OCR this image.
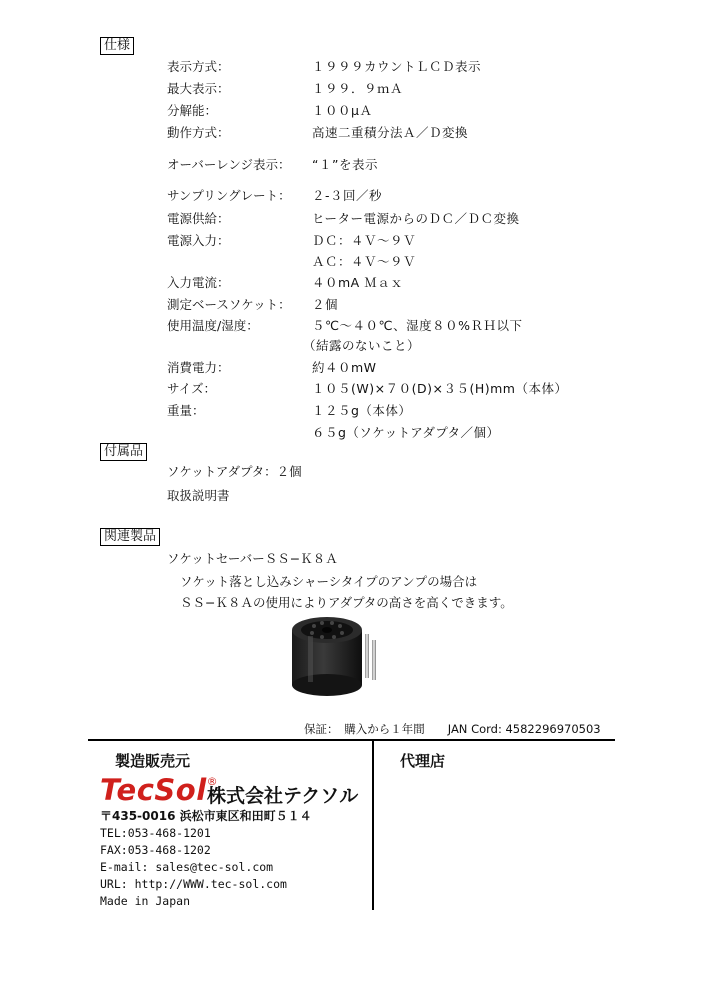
仕様
表示方式：	１９９９カウントＬＣＤ表示
最大表示：	１９９．９ｍＡ
分解能：	１００μＡ
動作方式：	高速二重積分法Ａ／Ｄ変換
オーバーレンジ表示： “１”を表示
サンプリングレート： ２-３回／秒
電源供給：	ヒーター電源からのＤＣ／ＤＣ変換
電源入力：	ＤＣ：４Ｖ～９Ｖ
ＡＣ：４Ｖ～９Ｖ
入力電流：	４０mA Ｍａｘ
測定ベースソケット： ２個
使用温度/湿度：	５℃～４０℃、湿度８０%ＲＨ以下
（結露のないこと）
消費電力：	約４０mW
サイズ：	１０５(W)×７０(D)×３５(H)mm（本体）
重量：	１２５g（本体）
６５g（ソケットアダプタ／個）
付属品
ソケットアダプタ：２個
取扱説明書
関連製品
ソケットセーバーＳＳ−Ｋ８Ａ
ソケット落とし込みシャーシタイプのアンプの場合は
ＳＳ−Ｋ８Ａの使用によりアダプタの高さを高くできます。
保証：　購入から１年間　　JAN Cord: 4582296970503
製造販売元	代理店
TecSol®
株式会社テクソル
〒435-0016 浜松市東区和田町５１４
TEL:053-468-1201
FAX:053-468-1202
E-mail: sales@tec-sol.com
URL: http://WWW.tec-sol.com
Made in Japan
